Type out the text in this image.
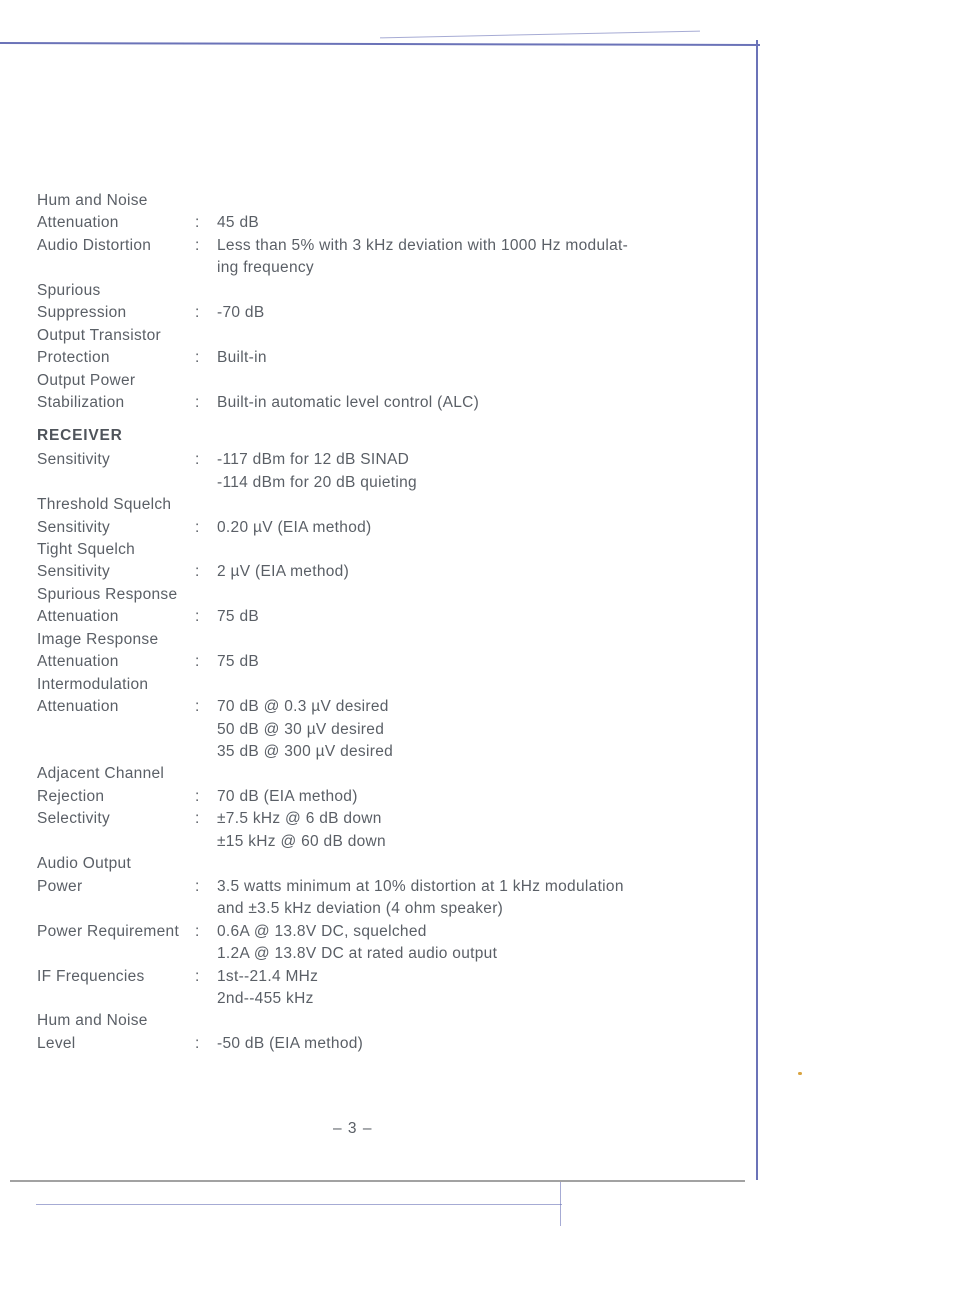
Hum and Noise
Attenuation	: 45 dB
Audio Distortion	: Less than 5% with 3 kHz deviation with 1000 Hz modulat-
ing frequency
Spurious
Suppression	: -70 dB
Output Transistor
Protection	: Built-in
Output Power
Stabilization	: Built-in automatic level control (ALC)
RECEIVER
Sensitivity	: -117 dBm for 12 dB SINAD
-114 dBm for 20 dB quieting
Threshold Squelch
Sensitivity	: 0.20 µV (EIA method)
Tight Squelch
Sensitivity	: 2 µV (EIA method)
Spurious Response
Attenuation	: 75 dB
Image Response
Attenuation	: 75 dB
Intermodulation
Attenuation	: 70 dB @ 0.3 µV desired
50 dB @ 30 µV desired
35 dB @ 300 µV desired
Adjacent Channel
Rejection	: 70 dB (EIA method)
Selectivity	: ±7.5 kHz @ 6 dB down
±15 kHz @ 60 dB down
Audio Output
Power	: 3.5 watts minimum at 10% distortion at 1 kHz modulation
and ±3.5 kHz deviation (4 ohm speaker)
Power Requirement : 0.6A @ 13.8V DC, squelched
1.2A @ 13.8V DC at rated audio output
IF Frequencies	: 1st--21.4 MHz
2nd--455 kHz
Hum and Noise
Level	: -50 dB (EIA method)
– 3 –
